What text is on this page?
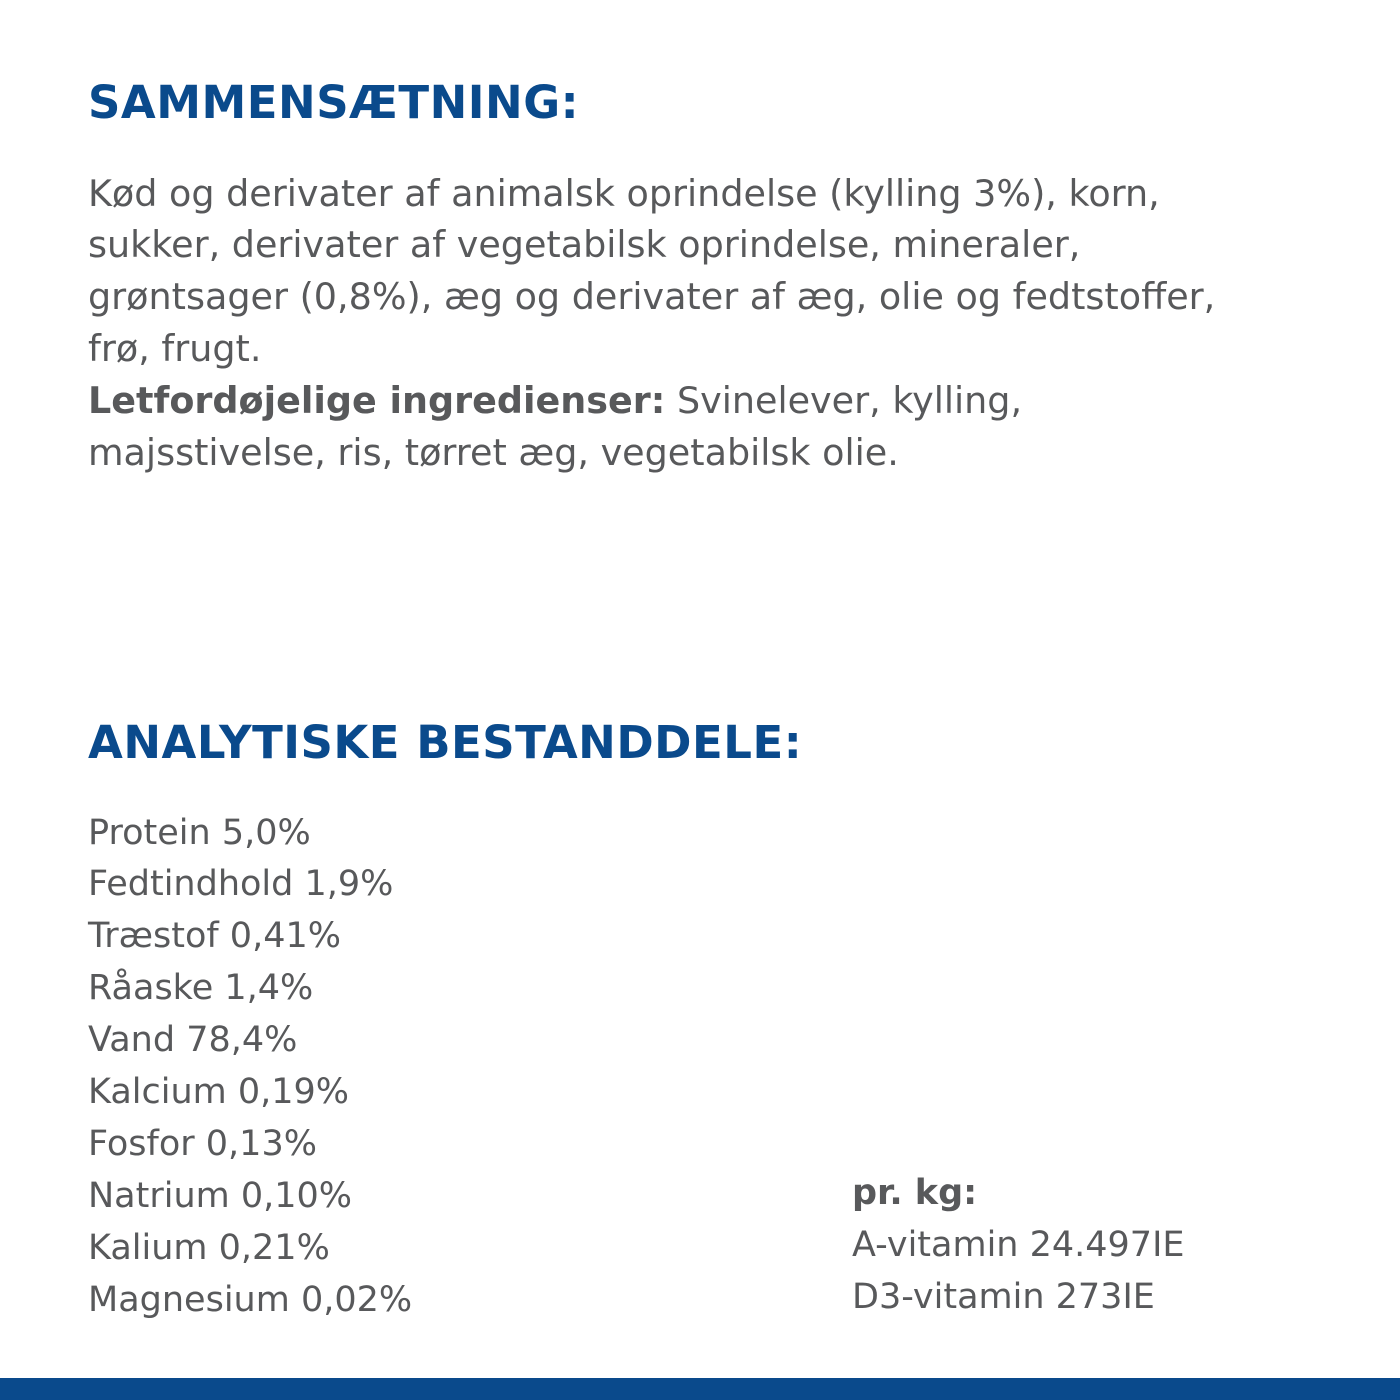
SAMMENSÆTNING:

Kød og derivater af animalsk oprindelse (kylling 3%), korn, sukker, derivater af vegetabilsk oprindelse, mineraler, grøntsager (0,8%), æg og derivater af æg, olie og fedtstoffer, frø, frugt.

Letfordøjelige ingredienser: Svinelever, kylling, majsstivelse, ris, tørret æg, vegetabilsk olie.

ANALYTISKE BESTANDDELE:
Protein 5,0%
Fedtindhold 1,9%
Træstof 0,41%
Råaske 1,4%
Vand 78,4%
Kalcium 0,19%
Fosfor 0,13%
Natrium 0,10%
Kalium 0,21%
Magnesium 0,02%
pr. kg:
A-vitamin 24.497IE
D3-vitamin 273IE
